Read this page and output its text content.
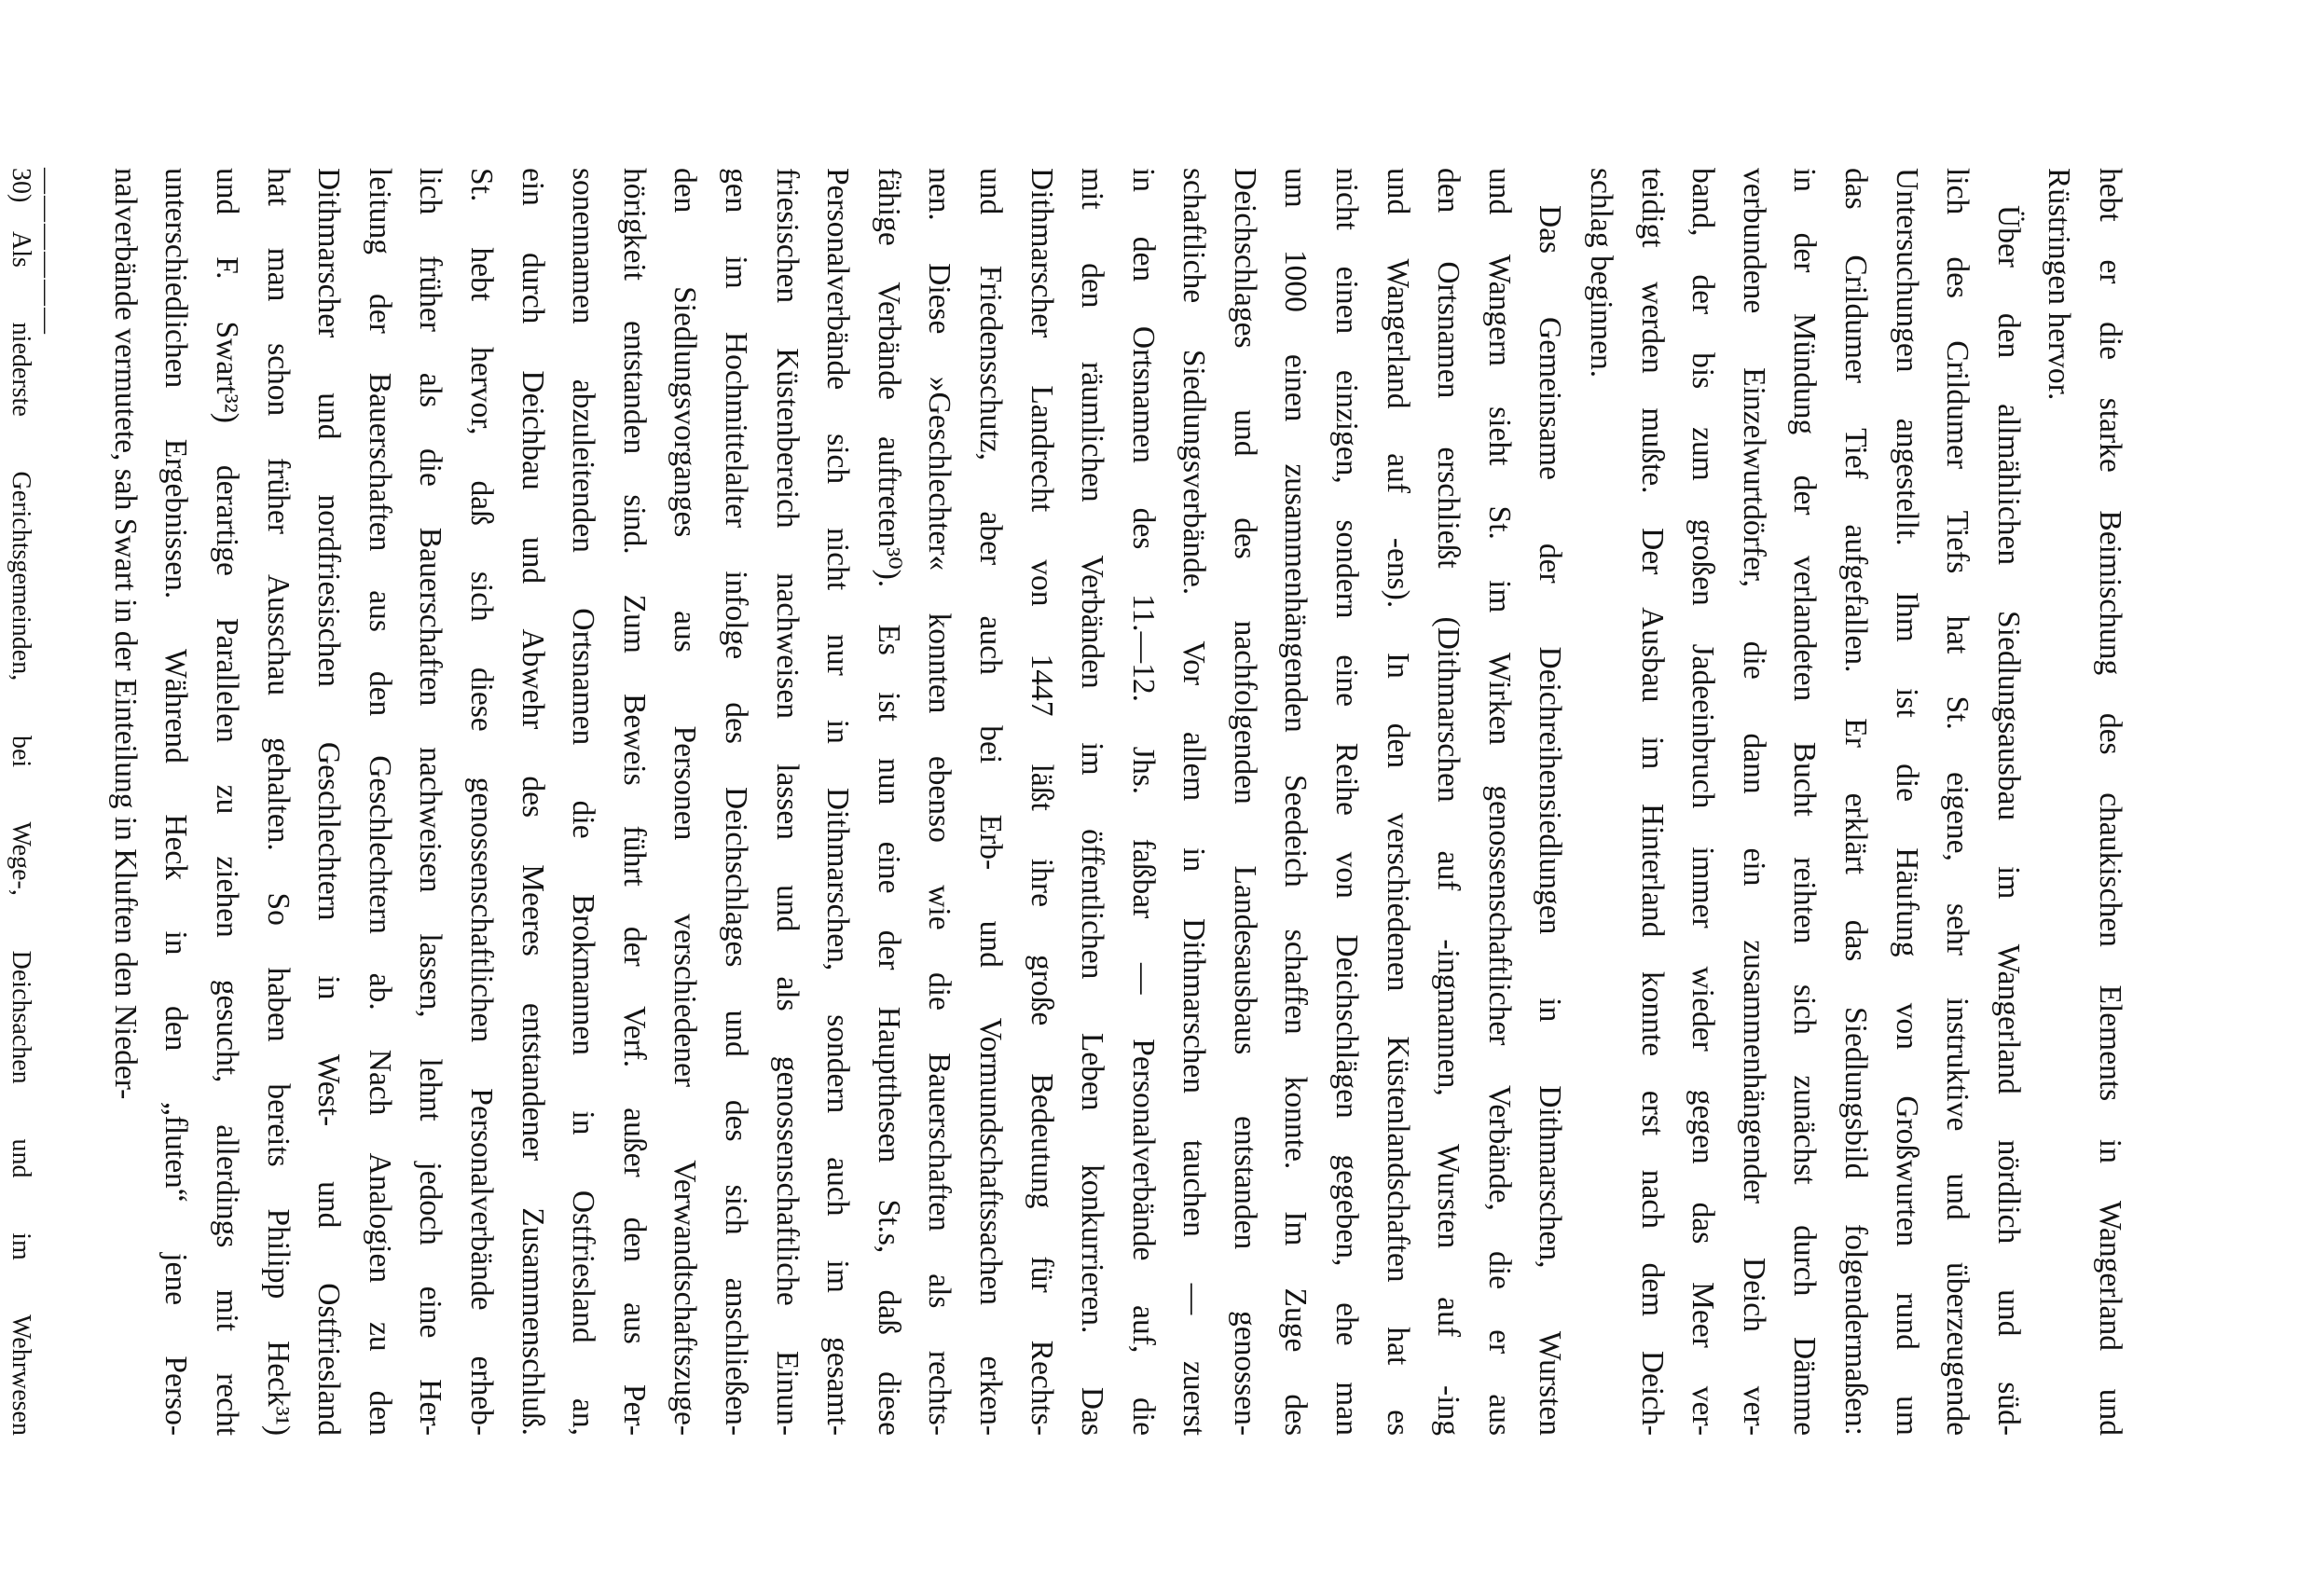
hebt er die starke Beimischung des chaukischen Elements in Wangerland und
Rüstringen hervor.
Über den allmählichen Siedlungsausbau im Wangerland nördlich und süd-
lich des Crildumer Tiefs hat St. eigene, sehr instruktive und überzeugende
Untersuchungen angestellt. Ihm ist die Häufung von Großwurten rund um
das Crildumer Tief aufgefallen. Er erklärt das Siedlungsbild folgendermaßen:
in der Mündung der verlandeten Bucht reihten sich zunächst durch Dämme
verbundene Einzelwurtdörfer, die dann ein zusammenhängender Deich ver-
band, der bis zum großen Jadeeinbruch immer wieder gegen das Meer ver-
teidigt werden mußte. Der Ausbau im Hinterland konnte erst nach dem Deich-
schlag beginnen.
Das Gemeinsame der Deichreihensiedlungen in Dithmarschen, Wursten
und Wangern sieht St. im Wirken genossenschaftlicher Verbände, die er aus
den Ortsnamen erschließt (Dithmarschen auf -ingmannen, Wursten auf -ing
und Wangerland auf -ens). In den verschiedenen Küstenlandschaften hat es
nicht einen einzigen, sondern eine Reihe von Deichschlägen gegeben, ehe man
um 1000 einen zusammenhängenden Seedeich schaffen konnte. Im Zuge des
Deichschlages und des nachfolgenden Landesausbaus entstanden genossen-
schaftliche Siedlungsverbände. Vor allem in Dithmarschen tauchen — zuerst
in den Ortsnamen des 11.—12. Jhs. faßbar — Personalverbände auf, die
mit den räumlichen Verbänden im öffentlichen Leben konkurrieren. Das
Dithmarscher Landrecht von 1447 läßt ihre große Bedeutung für Rechts-
und Friedensschutz, aber auch bei Erb- und Vormundschaftssachen erken-
nen. Diese »Geschlechter« konnten ebenso wie die Bauerschaften als rechts-
fähige Verbände auftreten³⁰). Es ist nun eine der Hauptthesen St.s, daß diese
Personalverbände sich nicht nur in Dithmarschen, sondern auch im gesamt-
friesischen Küstenbereich nachweisen lassen und als genossenschaftliche Einun-
gen im Hochmittelalter infolge des Deichschlages und des sich anschließen-
den Siedlungsvorganges aus Personen verschiedener Verwandtschaftszuge-
hörigkeit entstanden sind. Zum Beweis führt der Verf. außer den aus Per-
sonennamen abzuleitenden Ortsnamen die Brokmannen in Ostfriesland an,
ein durch Deichbau und Abwehr des Meeres entstandener Zusammenschluß.
St. hebt hervor, daß sich diese genossenschaftlichen Personalverbände erheb-
lich früher als die Bauerschaften nachweisen lassen, lehnt jedoch eine Her-
leitung der Bauerschaften aus den Geschlechtern ab. Nach Analogien zu den
Dithmarscher und nordfriesischen Geschlechtern in West- und Ostfriesland
hat man schon früher Ausschau gehalten. So haben bereits Philipp Heck³¹)
und F. Swart³²) derartige Parallelen zu ziehen gesucht, allerdings mit recht
unterschiedlichen Ergebnissen. Während Heck in den „fluten“ jene Perso-
nalverbände vermutete, sah Swart in der Einteilung in Kluften den Nieder-
——————
30)
Als niederste Gerichtsgemeinden, bei Wege-, Deichsachen und im Wehrwesen
